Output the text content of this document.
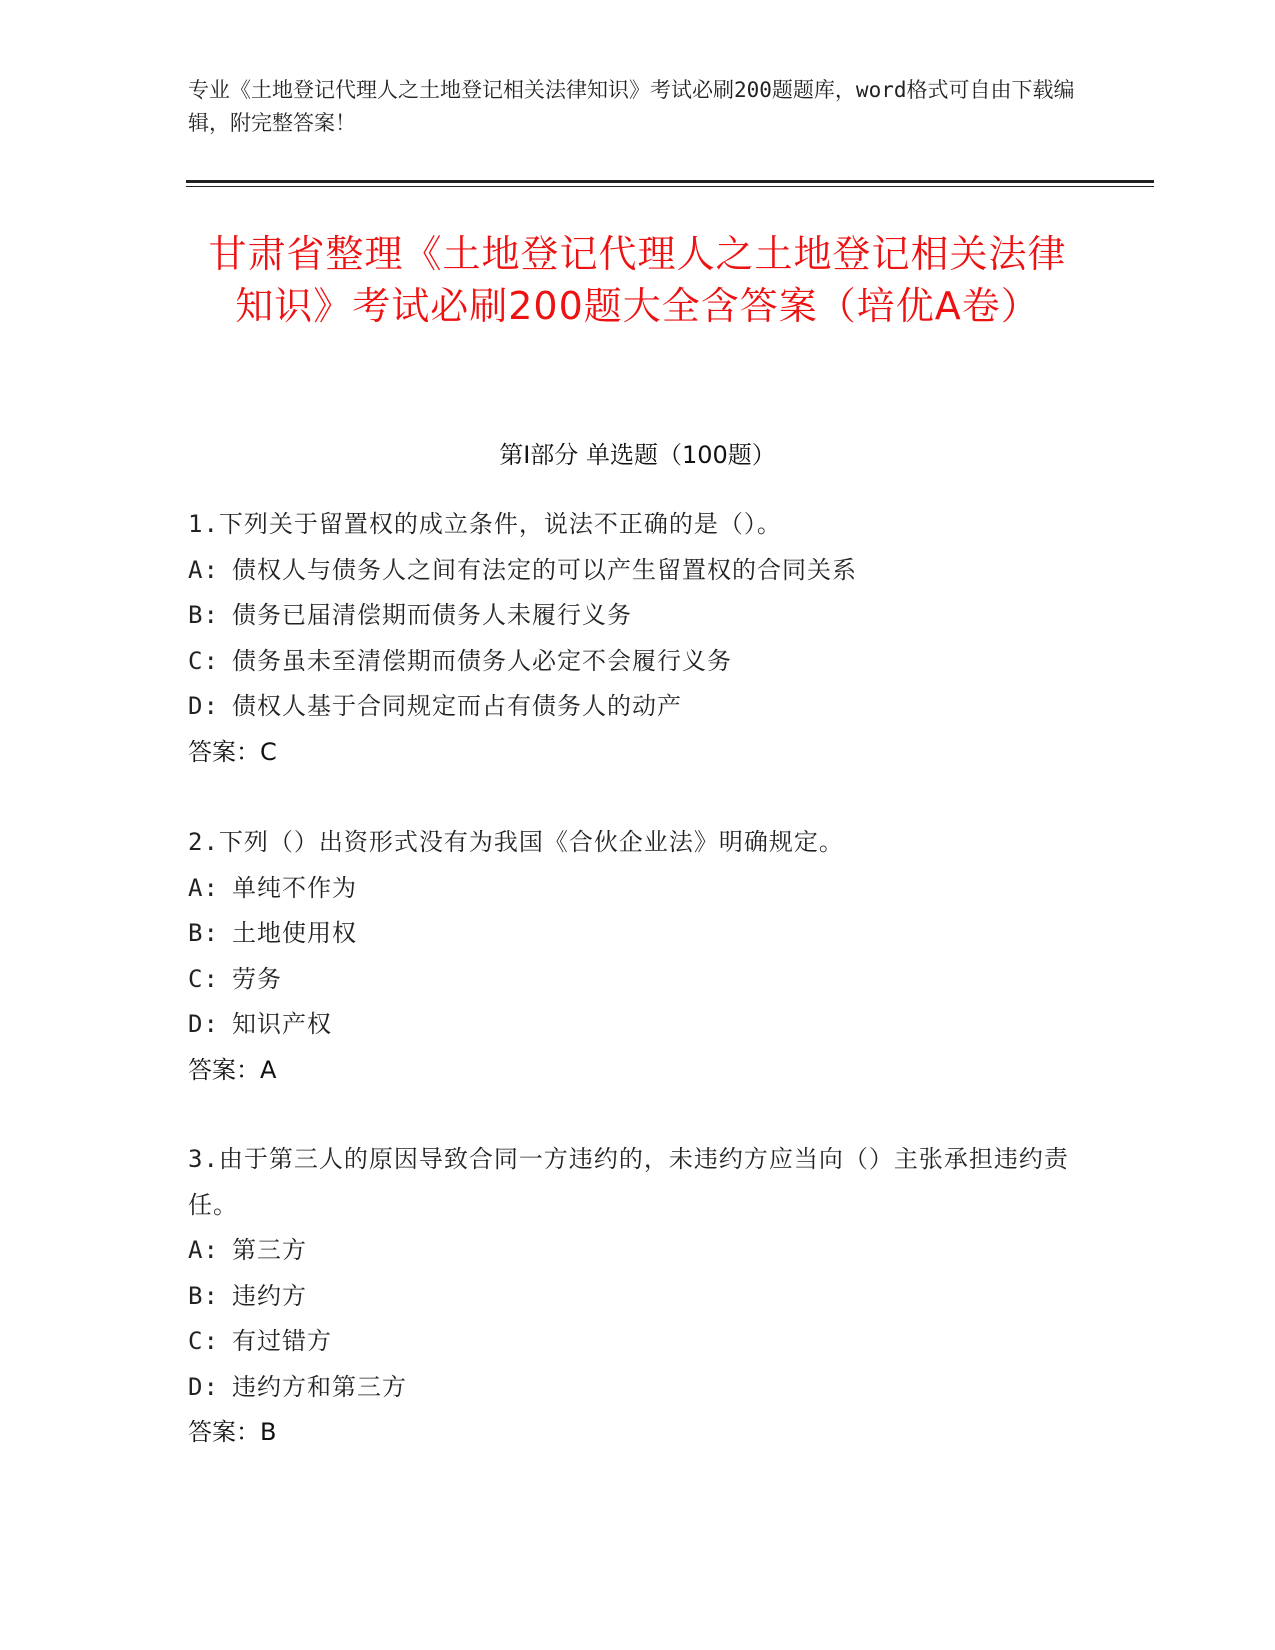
专业《土地登记代理人之土地登记相关法律知识》考试必刷200题题库，word格式可自由下载编辑，附完整答案！
甘肃省整理《土地登记代理人之土地登记相关法律知识》考试必刷200题大全含答案（培优A卷）
第I部分 单选题（100题）
1.下列关于留置权的成立条件，说法不正确的是（）。
A: 债权人与债务人之间有法定的可以产生留置权的合同关系
B: 债务已届清偿期而债务人未履行义务
C: 债务虽未至清偿期而债务人必定不会履行义务
D: 债权人基于合同规定而占有债务人的动产
答案：C
2.下列（）出资形式没有为我国《合伙企业法》明确规定。
A: 单纯不作为
B: 土地使用权
C: 劳务
D: 知识产权
答案：A
3.由于第三人的原因导致合同一方违约的，未违约方应当向（）主张承担违约责任。
A: 第三方
B: 违约方
C: 有过错方
D: 违约方和第三方
答案：B
